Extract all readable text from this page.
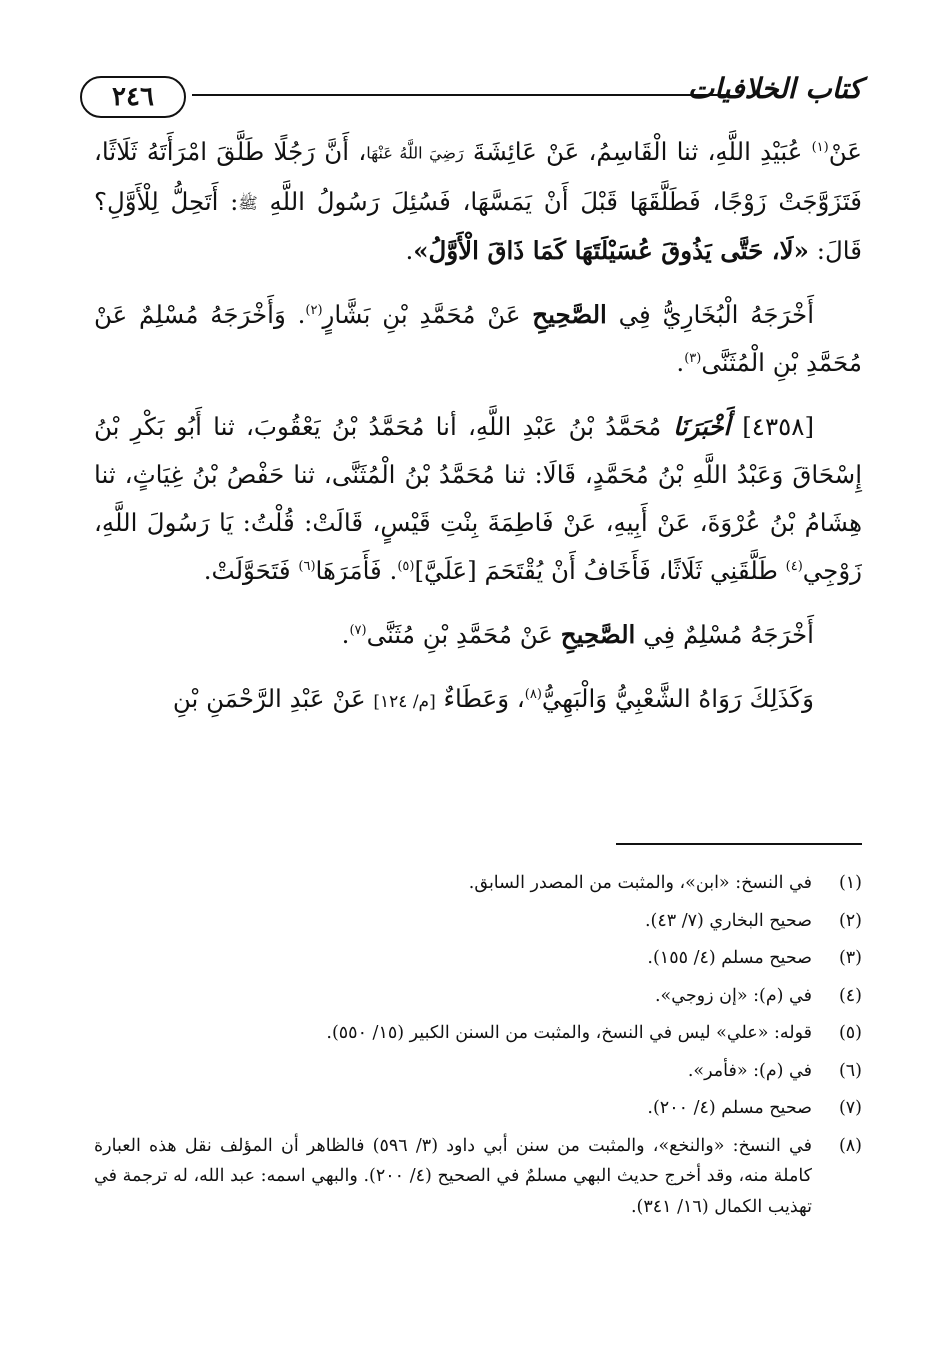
كتاب الخلافيات
٢٤٦

عَنْ$^{(١)}$ عُبَيْدِ اللَّهِ، ثنا الْقَاسِمُ، عَنْ عَائِشَةَ رَضِيَ اللَّهُ عَنْهَا، أَنَّ رَجُلًا طَلَّقَ امْرَأَتَهُ ثَلَاثًا، فَتَزَوَّجَتْ زَوْجًا، فَطَلَّقَهَا قَبْلَ أَنْ يَمَسَّهَا، فَسُئِلَ رَسُولُ اللَّهِ ﷺ: أَتَحِلُّ لِلْأَوَّلِ؟ قَالَ: «لَا، حَتَّى يَذُوقَ عُسَيْلَتَهَا كَمَا ذَاقَ الْأَوَّلُ».

أَخْرَجَهُ الْبُخَارِيُّ فِي الصَّحِيحِ عَنْ مُحَمَّدِ بْنِ بَشَّارٍ$^{(٢)}$. وَأَخْرَجَهُ مُسْلِمٌ عَنْ مُحَمَّدِ بْنِ الْمُثَنَّى$^{(٣)}$.

[٤٣٥٨] أَخْبَرَنَا مُحَمَّدُ بْنُ عَبْدِ اللَّهِ، أنا مُحَمَّدُ بْنُ يَعْقُوبَ، ثنا أَبُو بَكْرِ بْنُ إِسْحَاقَ وَعَبْدُ اللَّهِ بْنُ مُحَمَّدٍ، قَالَا: ثنا مُحَمَّدُ بْنُ الْمُثَنَّى، ثنا حَفْصُ بْنُ غِيَاثٍ، ثنا هِشَامُ بْنُ عُرْوَةَ، عَنْ أَبِيهِ، عَنْ فَاطِمَةَ بِنْتِ قَيْسٍ، قَالَتْ: قُلْتُ: يَا رَسُولَ اللَّهِ، زَوْجِي$^{(٤)}$ طَلَّقَنِي ثَلَاثًا، فَأَخَافُ أَنْ يُقْتَحَمَ [عَلَيَّ]$^{(٥)}$. فَأَمَرَهَا$^{(٦)}$ فَتَحَوَّلَتْ.

أَخْرَجَهُ مُسْلِمٌ فِي الصَّحِيحِ عَنْ مُحَمَّدِ بْنِ مُثَنَّى$^{(٧)}$.

وَكَذَلِكَ رَوَاهُ الشَّعْبِيُّ وَالْبَهِيُّ$^{(٨)}$، وَعَطَاءٌ [م/ ١٢٤] عَنْ عَبْدِ الرَّحْمَنِ بْنِ

(١)
في النسخ: «ابن»، والمثبت من المصدر السابق.
(٢)
صحيح البخاري (٧/ ٤٣).
(٣)
صحيح مسلم (٤/ ١٥٥).
(٤)
في (م): «إن زوجي».
(٥)
قوله: «علي» ليس في النسخ، والمثبت من السنن الكبير (١٥/ ٥٥٠).
(٦)
في (م): «فأمر».
(٧)
صحيح مسلم (٤/ ٢٠٠).
(٨)
في النسخ: «والنخع»، والمثبت من سنن أبي داود (٣/ ٥٩٦) فالظاهر أن المؤلف نقل هذه العبارة كاملة منه، وقد أخرج حديث البهي مسلمٌ في الصحيح (٤/ ٢٠٠). والبهي اسمه: عبد الله، له ترجمة في تهذيب الكمال (١٦/ ٣٤١).
